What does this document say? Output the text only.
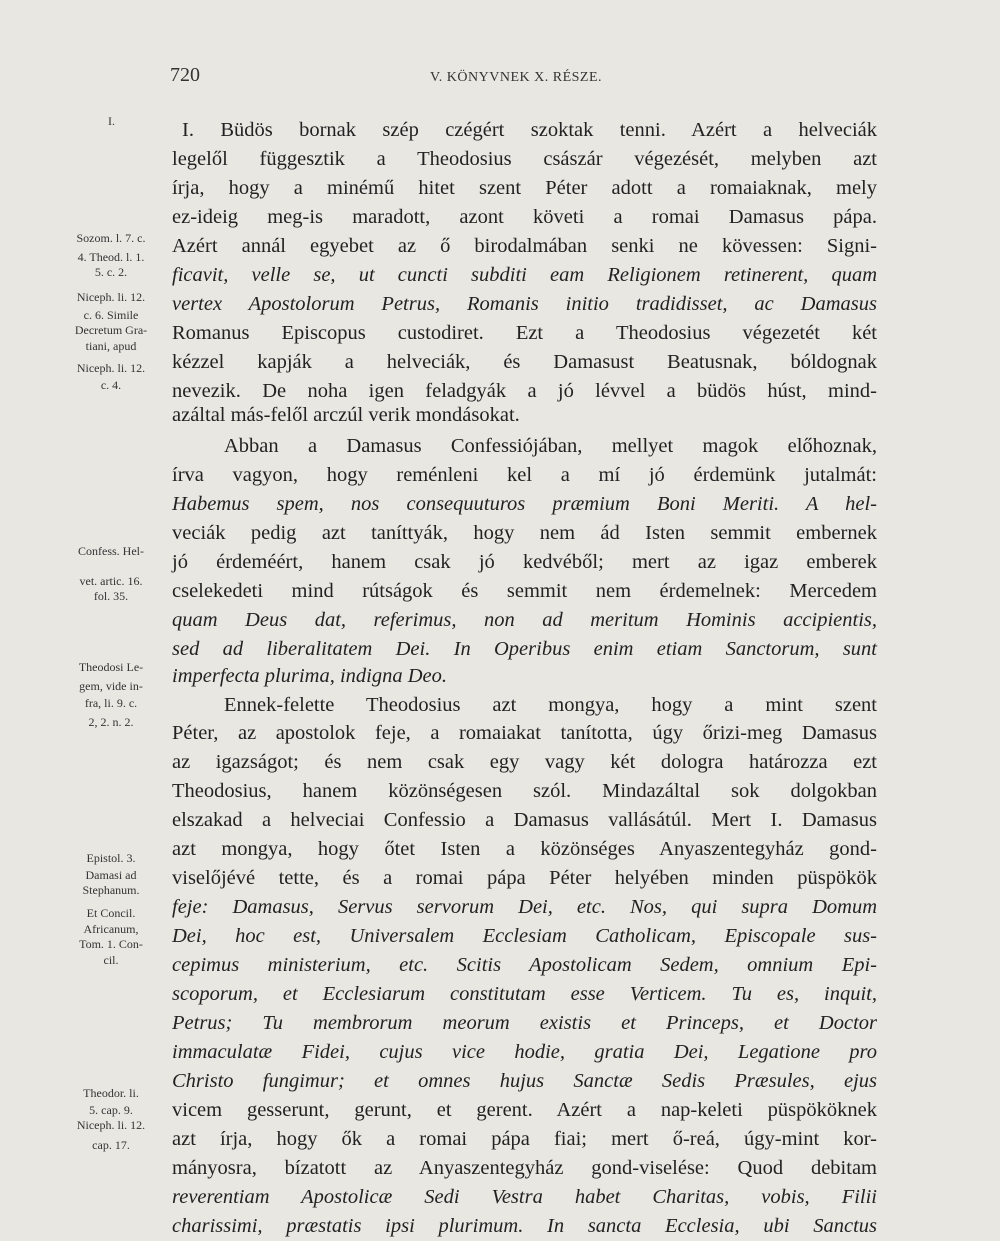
720	V. KÖNYVNEK X. RÉSZE.
I.
Sozom. l. 7. c.
4. Theod. l. 1.
5. c. 2.
Niceph. li. 12.
c. 6. Simile
Decretum Gra-
tiani, apud
Niceph. li. 12.
c. 4.
Confess. Hel-
vet. artic. 16.
fol. 35.
Theodosi Le-
gem, vide in-
fra, li. 9. c.
2, 2. n. 2.
Epistol. 3.
Damasi ad
Stephanum.
Et Concil.
Africanum,
Tom. 1. Con-
cil.
Theodor. li.
5. cap. 9.
Niceph. li. 12.
cap. 17.
I. Büdös bornak szép czégért szoktak tenni. Azért a helveciák
legelől függesztik a Theodosius császár végezését, melyben azt
írja, hogy a minémű hitet szent Péter adott a romaiaknak, mely
ez-ideig meg-is maradott, azont követi a romai Damasus pápa.
Azért annál egyebet az ő birodalmában senki ne kövessen: Signi-
ficavit, velle se, ut cuncti subditi eam Religionem retinerent, quam
vertex Apostolorum Petrus, Romanis initio tradidisset, ac Damasus
Romanus Episcopus custodiret. Ezt a Theodosius végezetét két
kézzel kapják a helveciák, és Damasust Beatusnak, bóldognak
nevezik. De noha igen feladgyák a jó lévvel a büdös húst, mind-
azáltal más-felől arczúl verik mondásokat.
Abban a Damasus Confessiójában, mellyet magok előhoznak,
írva vagyon, hogy reménleni kel a mí jó érdemünk jutalmát:
Habemus spem, nos consequuturos præmium Boni Meriti. A hel-
veciák pedig azt taníttyák, hogy nem ád Isten semmit embernek
jó érdeméért, hanem csak jó kedvéből; mert az igaz emberek
cselekedeti mind rútságok és semmit nem érdemelnek: Mercedem
quam Deus dat, referimus, non ad meritum Hominis accipientis,
sed ad liberalitatem Dei. In Operibus enim etiam Sanctorum, sunt
imperfecta plurima, indigna Deo.
Ennek-felette Theodosius azt mongya, hogy a mint szent
Péter, az apostolok feje, a romaiakat tanította, úgy őrizi-meg Damasus
az igazságot; és nem csak egy vagy két dologra határozza ezt
Theodosius, hanem közönségesen szól. Mindazáltal sok dolgokban
elszakad a helveciai Confessio a Damasus vallásátúl. Mert I. Damasus
azt mongya, hogy őtet Isten a közönséges Anyaszentegyház gond-
viselőjévé tette, és a romai pápa Péter helyében minden püspökök
feje: Damasus, Servus servorum Dei, etc. Nos, qui supra Domum
Dei, hoc est, Universalem Ecclesiam Catholicam, Episcopale sus-
cepimus ministerium, etc. Scitis Apostolicam Sedem, omnium Epi-
scoporum, et Ecclesiarum constitutam esse Verticem. Tu es, inquit,
Petrus; Tu membrorum meorum existis et Princeps, et Doctor
immaculatæ Fidei, cujus vice hodie, gratia Dei, Legatione pro
Christo fungimur; et omnes hujus Sanctæ Sedis Præsules, ejus
vicem gesserunt, gerunt, et gerent. Azért a nap-keleti püspököknek
azt írja, hogy ők a romai pápa fiai; mert ő-reá, úgy-mint kor-
mányosra, bízatott az Anyaszentegyház gond-viselése: Quod debitam
reverentiam Apostolicæ Sedi Vestra habet Charitas, vobis, Filii
charissimi, præstatis ipsi plurimum. In sancta Ecclesia, ubi Sanctus
